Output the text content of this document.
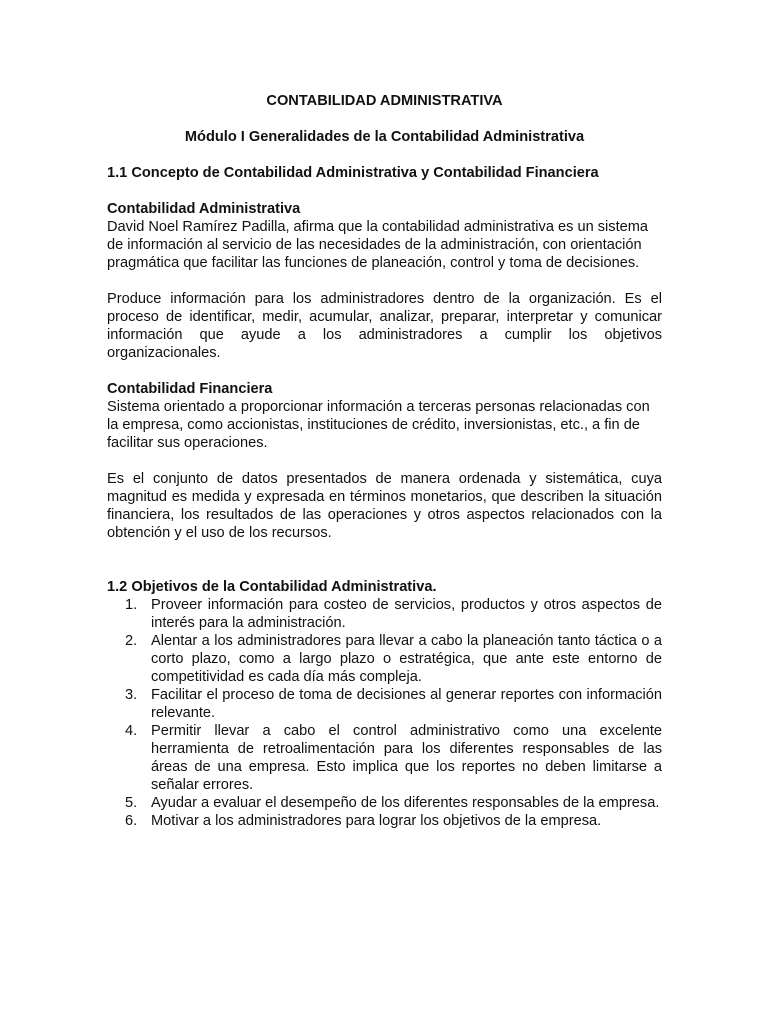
CONTABILIDAD ADMINISTRATIVA
Módulo I Generalidades de la Contabilidad Administrativa
1.1 Concepto de Contabilidad Administrativa y Contabilidad Financiera
Contabilidad Administrativa

David Noel Ramírez Padilla, afirma que la contabilidad administrativa es un sistema de información al servicio de las necesidades de la administración, con orientación pragmática que facilitar las funciones de planeación, control y toma de decisiones.

Produce información para los administradores dentro de la organización. Es el proceso de identificar, medir, acumular, analizar, preparar, interpretar y comunicar información que ayude a los administradores a cumplir los objetivos organizacionales.

Contabilidad Financiera

Sistema orientado a proporcionar información a terceras personas relacionadas con la empresa, como accionistas, instituciones de crédito, inversionistas, etc., a fin de facilitar sus operaciones.

Es el conjunto de datos presentados de manera ordenada y sistemática, cuya magnitud es medida y expresada en términos monetarios, que describen la situación financiera, los resultados de las operaciones y otros aspectos relacionados con la obtención y el uso de los recursos.

1.2 Objetivos de la Contabilidad Administrativa.
1. Proveer información para costeo de servicios, productos y otros aspectos de interés para la administración.
2. Alentar a los administradores para llevar a cabo la planeación tanto táctica o a corto plazo, como a largo plazo o estratégica, que ante este entorno de competitividad es cada día más compleja.
3. Facilitar el proceso de toma de decisiones al generar reportes con información relevante.
4. Permitir llevar a cabo el control administrativo como una excelente herramienta de retroalimentación para los diferentes responsables de las áreas de una empresa. Esto implica que los reportes no deben limitarse a señalar errores.
5. Ayudar a evaluar el desempeño de los diferentes responsables de la empresa.
6. Motivar a los administradores para lograr los objetivos de la empresa.
